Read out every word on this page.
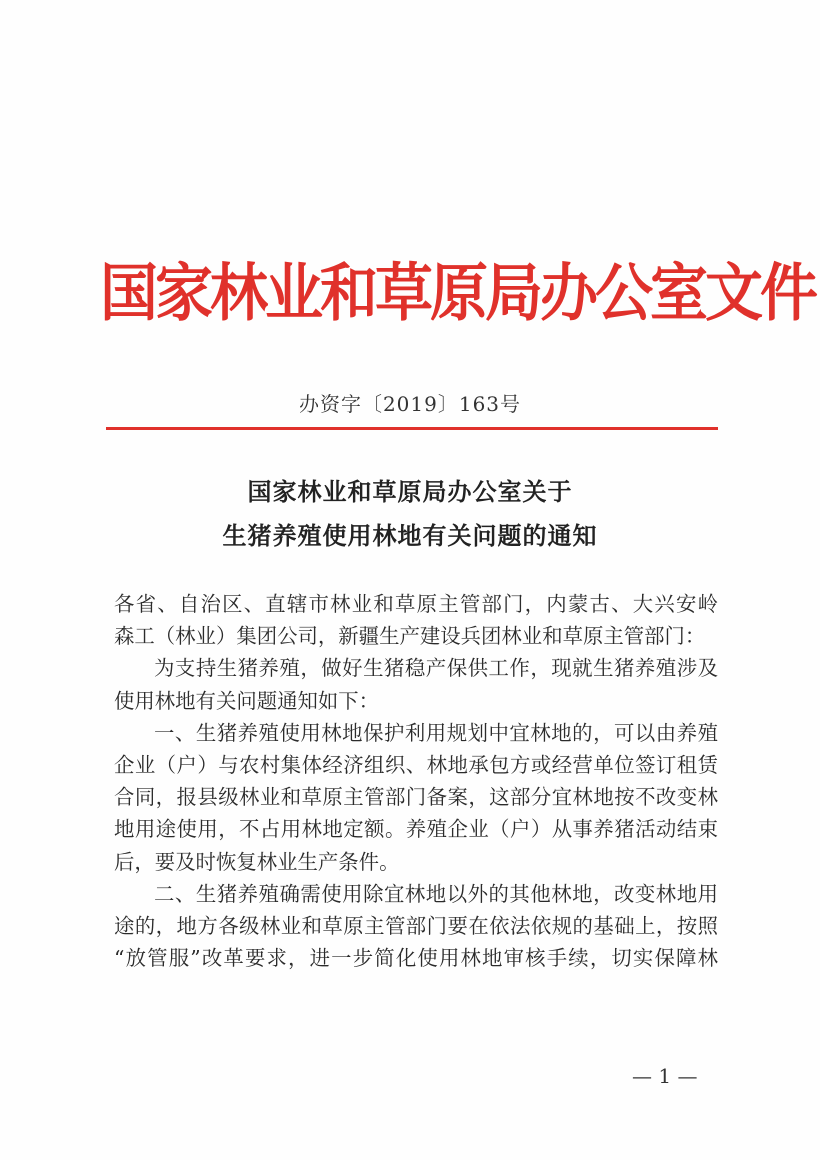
国家林业和草原局办公室文件
办资字〔2019〕163号
国家林业和草原局办公室关于
生猪养殖使用林地有关问题的通知
各省、自治区、直辖市林业和草原主管部门，内蒙古、大兴安岭
森工（林业）集团公司，新疆生产建设兵团林业和草原主管部门：
为支持生猪养殖，做好生猪稳产保供工作，现就生猪养殖涉及
使用林地有关问题通知如下：
一、生猪养殖使用林地保护利用规划中宜林地的，可以由养殖
企业（户）与农村集体经济组织、林地承包方或经营单位签订租赁
合同，报县级林业和草原主管部门备案，这部分宜林地按不改变林
地用途使用，不占用林地定额。养殖企业（户）从事养猪活动结束
后，要及时恢复林业生产条件。
二、生猪养殖确需使用除宜林地以外的其他林地，改变林地用
途的，地方各级林业和草原主管部门要在依法依规的基础上，按照
“放管服”改革要求，进一步简化使用林地审核手续，切实保障林
— 1 —
